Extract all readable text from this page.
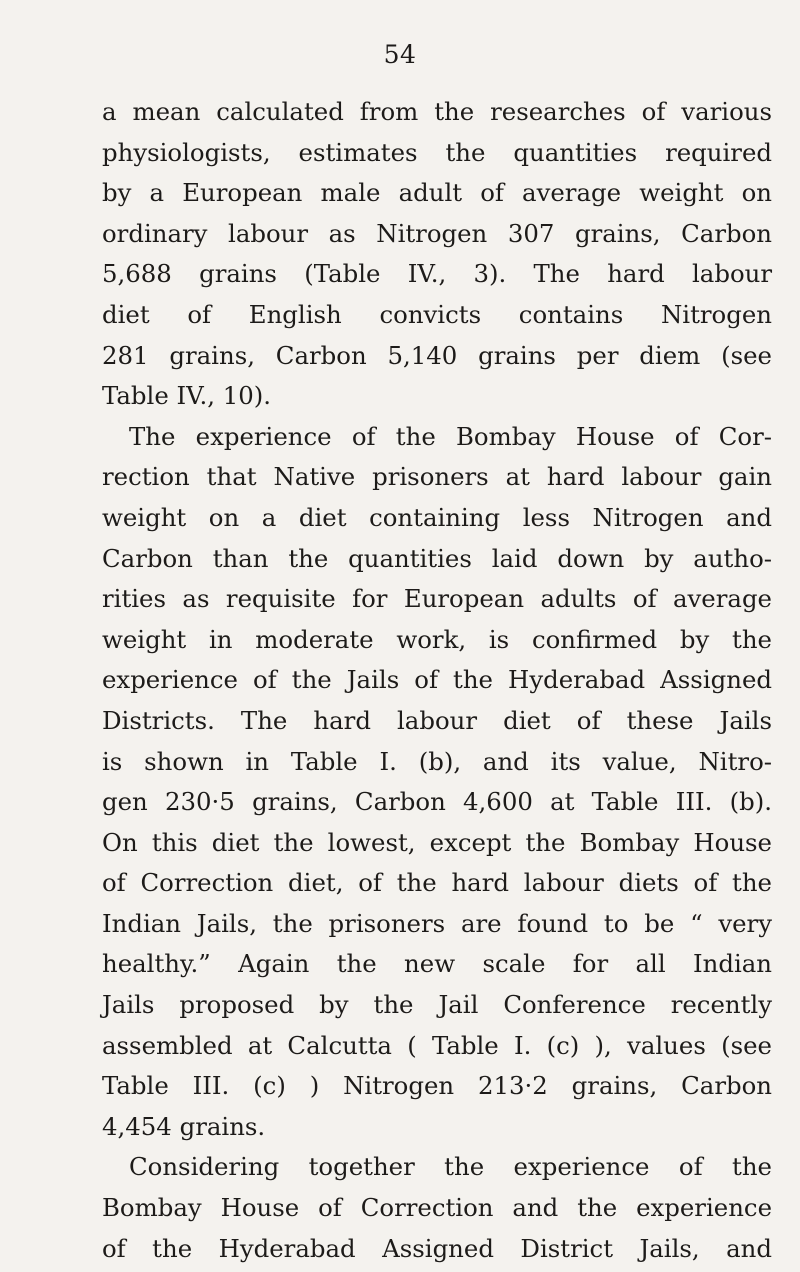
54
a mean calculated from the researches of various
physiologists, estimates the quantities required
by a European male adult of average weight on
ordinary labour as Nitrogen 307 grains, Carbon
5,688 grains (Table IV., 3). The hard labour
diet of English convicts contains Nitrogen
281 grains, Carbon 5,140 grains per diem (see
Table IV., 10).
The experience of the Bombay House of Cor-
rection that Native prisoners at hard labour gain
weight on a diet containing less Nitrogen and
Carbon than the quantities laid down by autho-
rities as requisite for European adults of average
weight in moderate work, is confirmed by the
experience of the Jails of the Hyderabad Assigned
Districts. The hard labour diet of these Jails
is shown in Table I. (b), and its value, Nitro-
gen 230·5 grains, Carbon 4,600 at Table III. (b).
On this diet the lowest, except the Bombay House
of Correction diet, of the hard labour diets of the
Indian Jails, the prisoners are found to be “ very
healthy.” Again the new scale for all Indian
Jails proposed by the Jail Conference recently
assembled at Calcutta ( Table I. (c) ), values (see
Table III. (c) ) Nitrogen 213·2 grains, Carbon
4,454 grains.
Considering together the experience of the
Bombay House of Correction and the experience
of the Hyderabad Assigned District Jails, and
